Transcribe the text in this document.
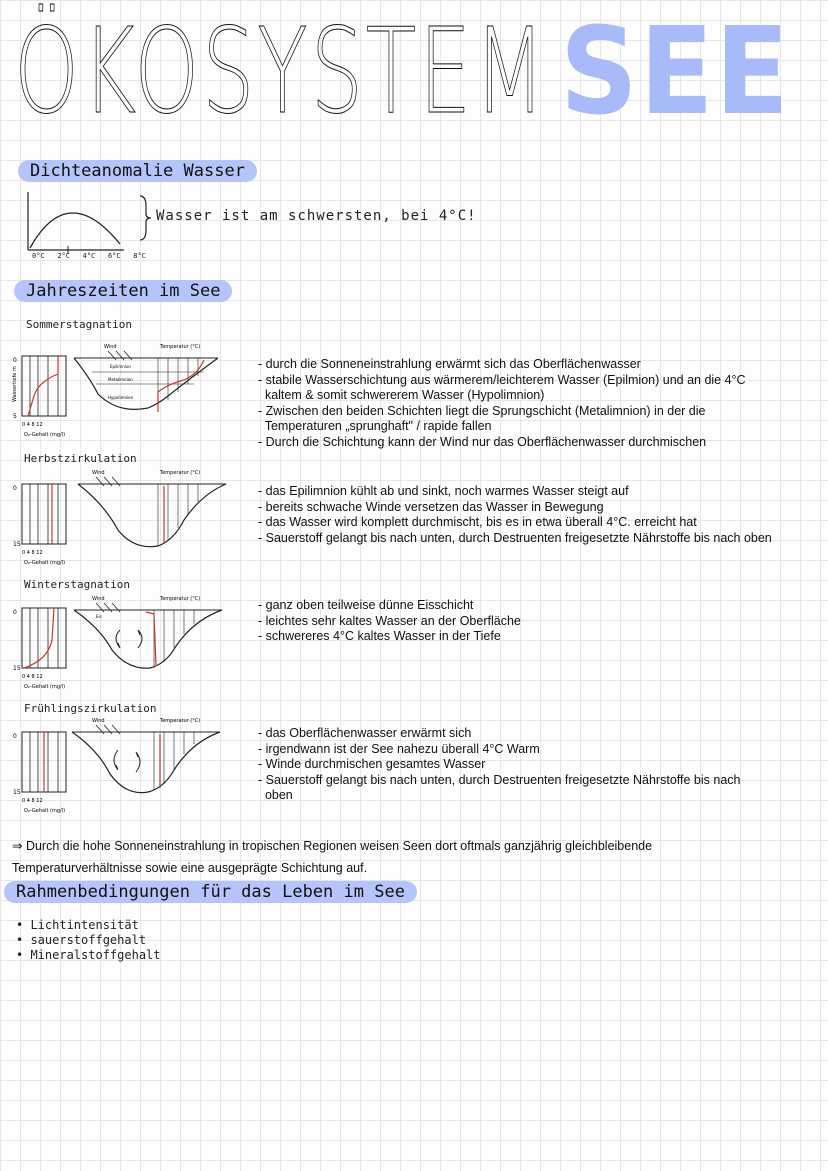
ÖKOSYSTEM SEE
Dichteanomalie Wasser
0°C 2°C 4°C 6°C 8°C
Wasser ist am schwersten, bei 4°C!
Jahreszeiten im See
Sommerstagnation
0
Wassertiefe m
5
0 4 8 12
O₂-Gehalt (mg/l)
Wind	Temperatur (°C)
Epilimnion
Metalimnion
Hypolimnion
- durch die Sonneneinstrahlung erwärmt sich das Oberflächenwasser
- stabile Wasserschichtung aus wärmerem/leichterem Wasser (Epilmion) und an die 4°C
kaltem & somit schwererem Wasser (Hypolimnion)
- Zwischen den beiden Schichten liegt die Sprungschicht (Metalimnion) in der die
Temperaturen „sprunghaft" / rapide fallen
- Durch die Schichtung kann der Wind nur das Oberflächenwasser durchmischen
Herbstzirkulation
0
15
0 4 8 12
O₂-Gehalt (mg/l)
Wind	Temperatur (°C)
- das Epilimnion kühlt ab und sinkt, noch warmes Wasser steigt auf
- bereits schwache Winde versetzen das Wasser in Bewegung
- das Wasser wird komplett durchmischt, bis es in etwa überall 4°C. erreicht hat
- Sauerstoff gelangt bis nach unten, durch Destruenten freigesetzte Nährstoffe bis nach oben
Winterstagnation
0
15
0 4 8 12
O₂-Gehalt (mg/l)
Wind	Temperatur (°C)
Eis
- ganz oben teilweise dünne Eisschicht
- leichtes sehr kaltes Wasser an der Oberfläche
- schwereres 4°C kaltes Wasser in der Tiefe
Frühlingszirkulation
0
15
0 4 8 12
O₂-Gehalt (mg/l)
Wind	Temperatur (°C)
- das Oberflächenwasser erwärmt sich
- irgendwann ist der See nahezu überall 4°C Warm
- Winde durchmischen gesamtes Wasser
- Sauerstoff gelangt bis nach unten, durch Destruenten freigesetzte Nährstoffe bis nach
oben
⇒ Durch die hohe Sonneneinstrahlung in tropischen Regionen weisen Seen dort oftmals ganzjährig gleichbleibende Temperaturverhältnisse sowie eine ausgeprägte Schichtung auf.
Rahmenbedingungen für das Leben im See
• Lichtintensität
• sauerstoffgehalt
• Mineralstoffgehalt
